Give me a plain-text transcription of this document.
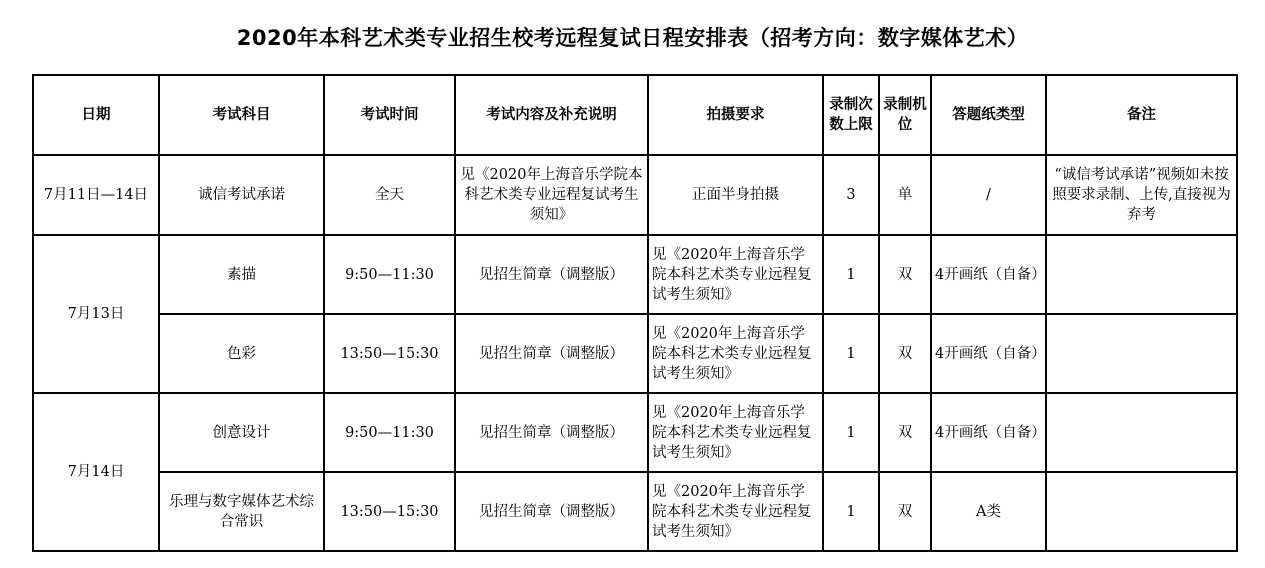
2020年本科艺术类专业招生校考远程复试日程安排表（招考方向：数字媒体艺术）
日期	考试科目	考试时间	考试内容及补充说明	拍摄要求	录制次数上限	录制机位	答题纸类型	备注
7月11日—14日	诚信考试承诺	全天	见《2020年上海音乐学院本科艺术类专业远程复试考生须知》	正面半身拍摄	3	单	/	“诚信考试承诺”视频如未按照要求录制、上传,直接视为弃考
7月13日	素描	9:50—11:30	见招生简章（调整版）	见《2020年上海音乐学院本科艺术类专业远程复试考生须知》	1	双	4开画纸（自备）	
	色彩	13:50—15:30	见招生简章（调整版）	见《2020年上海音乐学院本科艺术类专业远程复试考生须知》	1	双	4开画纸（自备）	
7月14日	创意设计	9:50—11:30	见招生简章（调整版）	见《2020年上海音乐学院本科艺术类专业远程复试考生须知》	1	双	4开画纸（自备）	
	乐理与数字媒体艺术综合常识	13:50—15:30	见招生简章（调整版）	见《2020年上海音乐学院本科艺术类专业远程复试考生须知》	1	双	A类	
